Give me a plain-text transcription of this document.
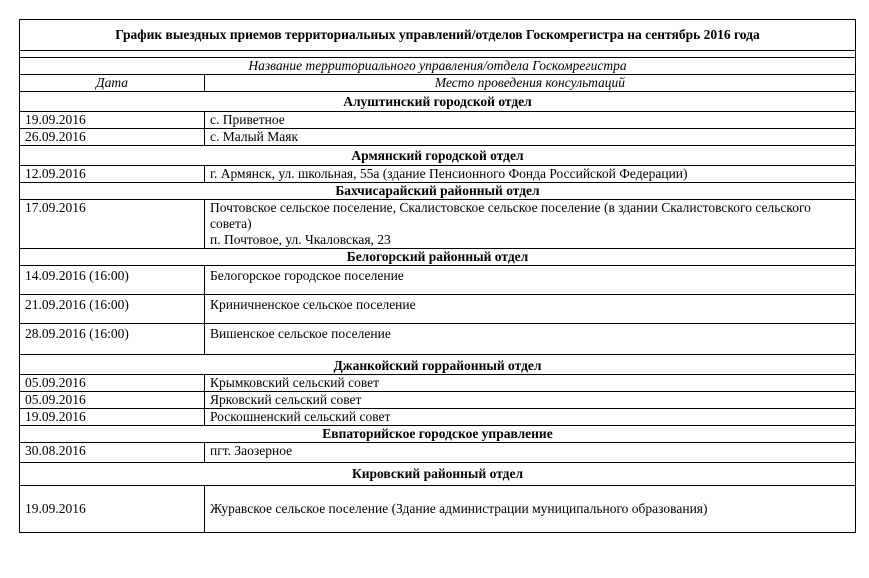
График выездных приемов территориальных управлений/отделов Госкомрегистра на сентябрь 2016 года	

Название территориального управления/отдела Госкомрегистра	
Дата	Место проведения консультаций
Алуштинский городской отдел	
19.09.2016	с. Приветное
26.09.2016	с. Малый Маяк
Армянский городской отдел	
12.09.2016	г. Армянск, ул. школьная, 55а (здание Пенсионного Фонда Российской Федерации)
Бахчисарайский районный отдел	
17.09.2016	Почтовское сельское поселение, Скалистовское сельское поселение (в здании Скалистовского сельского совета)
п. Почтовое, ул. Чкаловская, 23

Белогорский районный отдел	
14.09.2016 (16:00)	Белогорское городское поселение
21.09.2016 (16:00)	Криничненское сельское поселение
28.09.2016 (16:00)	Вишенское сельское поселение
Джанкойский горрайонный отдел	
05.09.2016	Крымковский сельский совет
05.09.2016	Ярковский сельский совет
19.09.2016	Роскошненский сельский совет
Евпаторийское городское управление	
30.08.2016	пгт. Заозерное
Кировский районный отдел	
19.09.2016	Журавское сельское поселение (Здание администрации муниципального образования)
